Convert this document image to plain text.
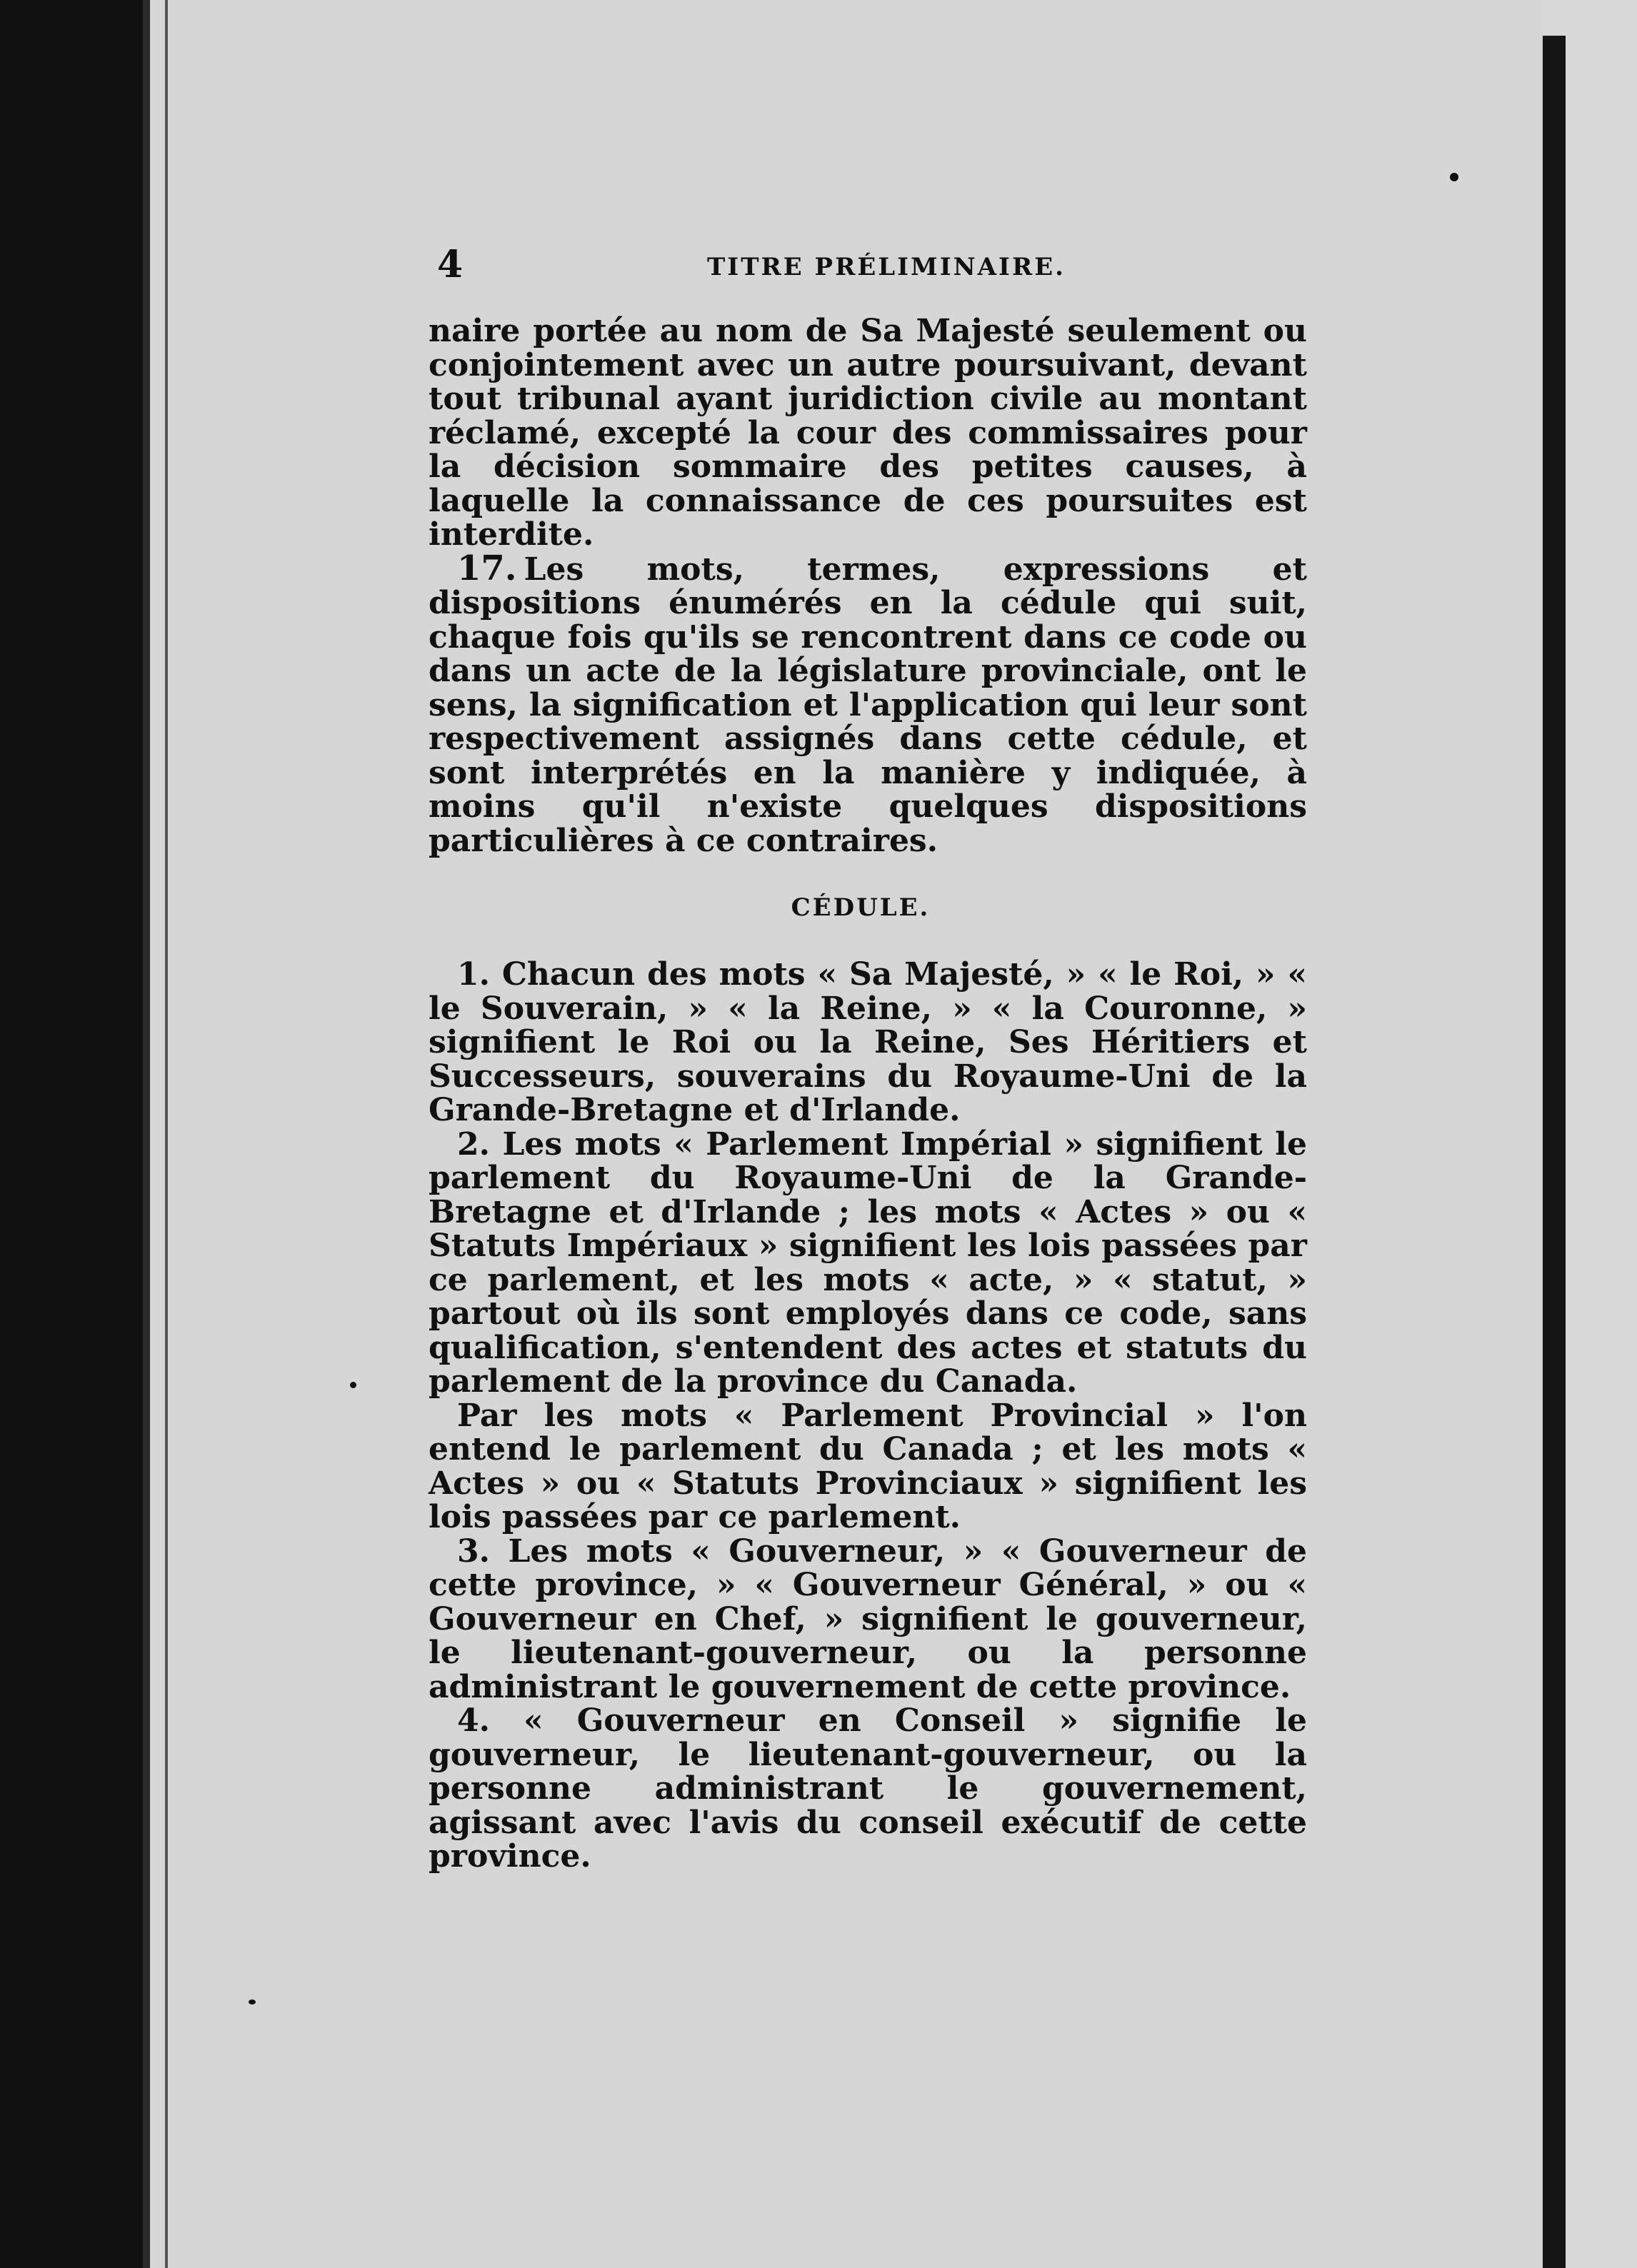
4	TITRE PRÉLIMINAIRE.

naire portée au nom de Sa Majesté seulement ou conjointement avec un autre poursuivant, devant tout tribunal ayant juridiction civile au montant réclamé, excepté la cour des commissaires pour la décision sommaire des petites causes, à laquelle la connaissance de ces poursuites est interdite.

17. Les mots, termes, expressions et dispositions énumérés en la cédule qui suit, chaque fois qu'ils se rencontrent dans ce code ou dans un acte de la législature provinciale, ont le sens, la signification et l'application qui leur sont respectivement assignés dans cette cédule, et sont interprétés en la manière y indiquée, à moins qu'il n'existe quelques dispositions particulières à ce contraires.

CÉDULE.

1. Chacun des mots « Sa Majesté, » « le Roi, » « le Souverain, » « la Reine, » « la Couronne, » signifient le Roi ou la Reine, Ses Héritiers et Successeurs, souverains du Royaume-Uni de la Grande-Bretagne et d'Irlande.

2. Les mots « Parlement Impérial » signifient le parlement du Royaume-Uni de la Grande-Bretagne et d'Irlande ; les mots « Actes » ou « Statuts Impériaux » signifient les lois passées par ce parlement, et les mots « acte, » « statut, » partout où ils sont employés dans ce code, sans qualification, s'entendent des actes et statuts du parlement de la province du Canada.

Par les mots « Parlement Provincial » l'on entend le parlement du Canada ; et les mots « Actes » ou « Statuts Provinciaux » signifient les lois passées par ce parlement.

3. Les mots « Gouverneur, » « Gouverneur de cette province, » « Gouverneur Général, » ou « Gouverneur en Chef, » signifient le gouverneur, le lieutenant-gouverneur, ou la personne administrant le gouvernement de cette province.

4. « Gouverneur en Conseil » signifie le gouverneur, le lieutenant-gouverneur, ou la personne administrant le gouvernement, agissant avec l'avis du conseil exécutif de cette province.
